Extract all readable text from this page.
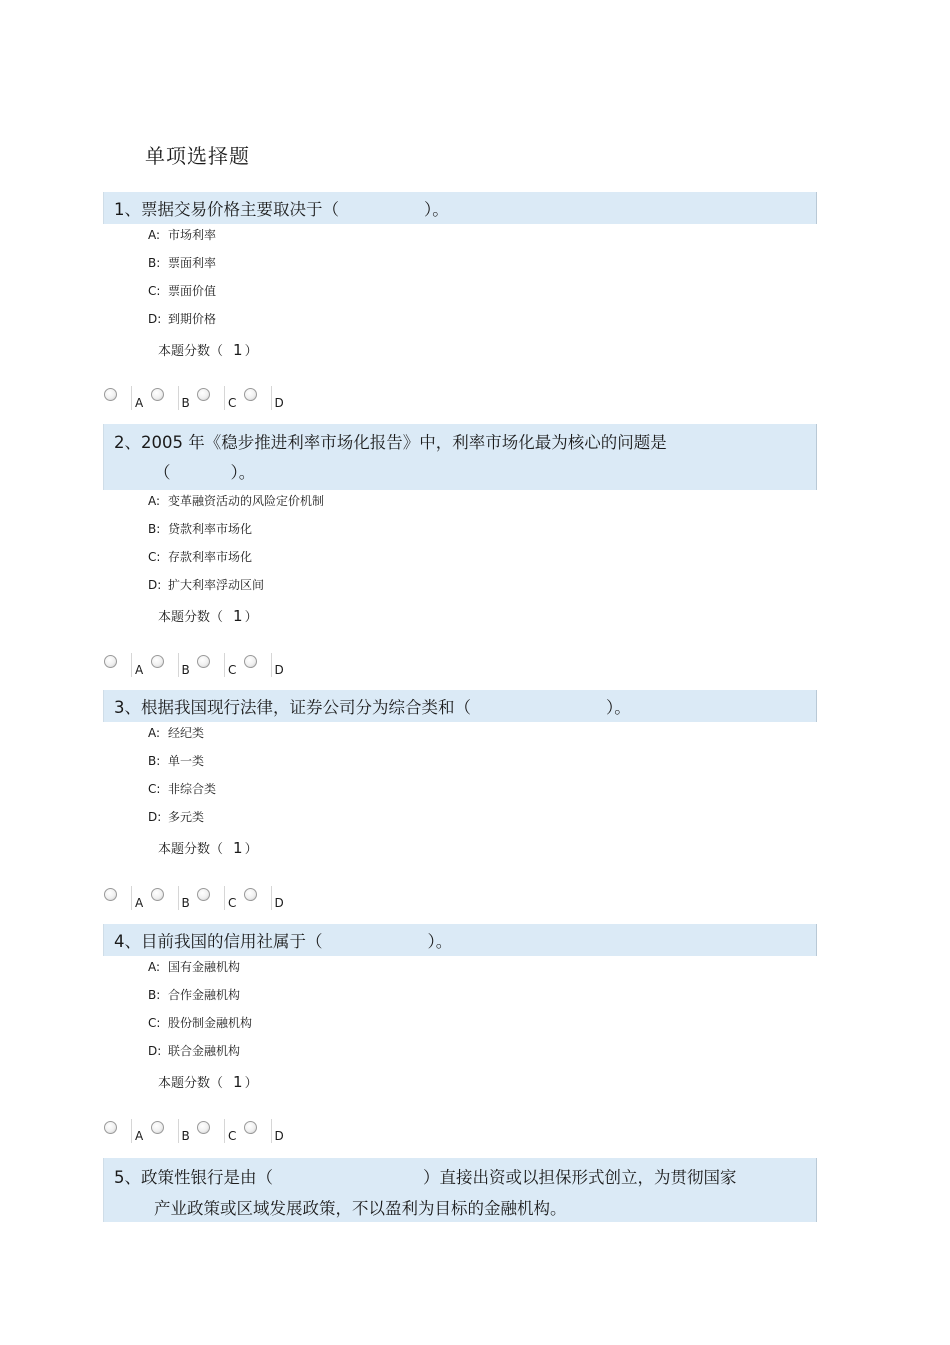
单项选择题
1、票据交易价格主要取决于（	）。
A: 市场利率
B: 票面利率
C: 票面价值
D: 到期价格
本题分数（ 1 ）
A	B	C	D
2、2005 年《稳步推进利率市场化报告》中，利率市场化最为核心的问题是
（	）。
A: 变革融资活动的风险定价机制
B: 贷款利率市场化
C: 存款利率市场化
D: 扩大利率浮动区间
本题分数（ 1 ）
A	B	C	D
3、根据我国现行法律，证券公司分为综合类和（	）。
A: 经纪类
B: 单一类
C: 非综合类
D: 多元类
本题分数（ 1 ）
A	B	C	D
4、目前我国的信用社属于（	）。
A: 国有金融机构
B: 合作金融机构
C: 股份制金融机构
D: 联合金融机构
本题分数（ 1 ）
A	B	C	D
5、政策性银行是由（	）直接出资或以担保形式创立，为贯彻国家
产业政策或区域发展政策，不以盈利为目标的金融机构。
